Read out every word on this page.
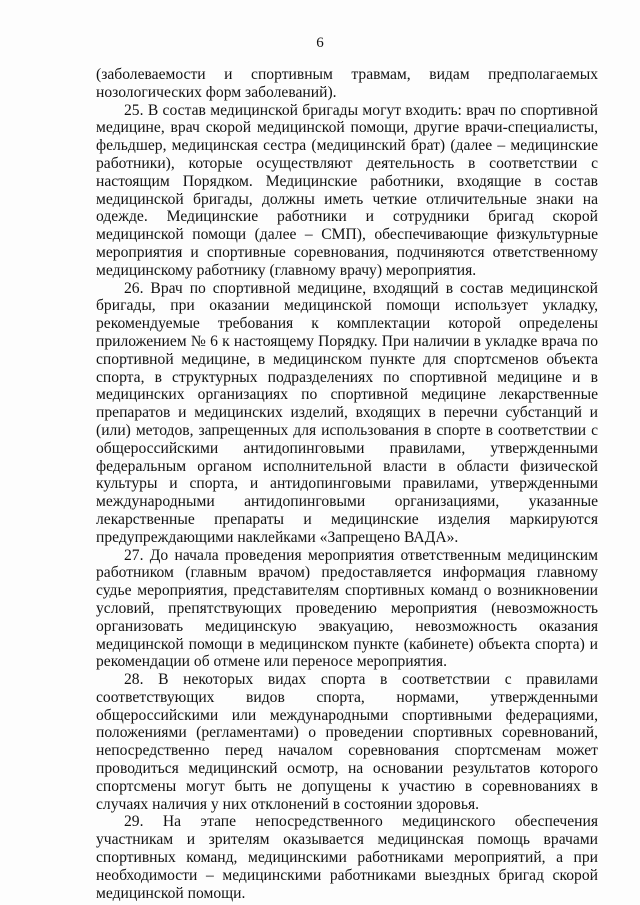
6

(заболеваемости и спортивным травмам, видам предполагаемых нозологических форм заболеваний).

25. В состав медицинской бригады могут входить: врач по спортивной медицине, врач скорой медицинской помощи, другие врачи-специалисты, фельдшер, медицинская сестра (медицинский брат) (далее – медицинские работники), которые осуществляют деятельность в соответствии с настоящим Порядком. Медицинские работники, входящие в состав медицинской бригады, должны иметь четкие отличительные знаки на одежде. Медицинские работники и сотрудники бригад скорой медицинской помощи (далее – СМП), обеспечивающие физкультурные мероприятия и спортивные соревнования, подчиняются ответственному медицинскому работнику (главному врачу) мероприятия.

26. Врач по спортивной медицине, входящий в состав медицинской бригады, при оказании медицинской помощи использует укладку, рекомендуемые требования к комплектации которой определены приложением № 6 к настоящему Порядку. При наличии в укладке врача по спортивной медицине, в медицинском пункте для спортсменов объекта спорта, в структурных подразделениях по спортивной медицине и в медицинских организациях по спортивной медицине лекарственные препаратов и медицинских изделий, входящих в перечни субстанций и (или) методов, запрещенных для использования в спорте в соответствии с общероссийскими антидопинговыми правилами, утвержденными федеральным органом исполнительной власти в области физической культуры и спорта, и антидопинговыми правилами, утвержденными международными антидопинговыми организациями, указанные лекарственные препараты и медицинские изделия маркируются предупреждающими наклейками «Запрещено ВАДА».

27. До начала проведения мероприятия ответственным медицинским работником (главным врачом) предоставляется информация главному судье мероприятия, представителям спортивных команд о возникновении условий, препятствующих проведению мероприятия (невозможность организовать медицинскую эвакуацию, невозможность оказания медицинской помощи в медицинском пункте (кабинете) объекта спорта) и рекомендации об отмене или переносе мероприятия.

28. В некоторых видах спорта в соответствии с правилами соответствующих видов спорта, нормами, утвержденными общероссийскими или международными спортивными федерациями, положениями (регламентами) о проведении спортивных соревнований, непосредственно перед началом соревнования спортсменам может проводиться медицинский осмотр, на основании результатов которого спортсмены могут быть не допущены к участию в соревнованиях в случаях наличия у них отклонений в состоянии здоровья.

29. На этапе непосредственного медицинского обеспечения участникам и зрителям оказывается медицинская помощь врачами спортивных команд, медицинскими работниками мероприятий, а при необходимости – медицинскими работниками выездных бригад скорой медицинской помощи.
